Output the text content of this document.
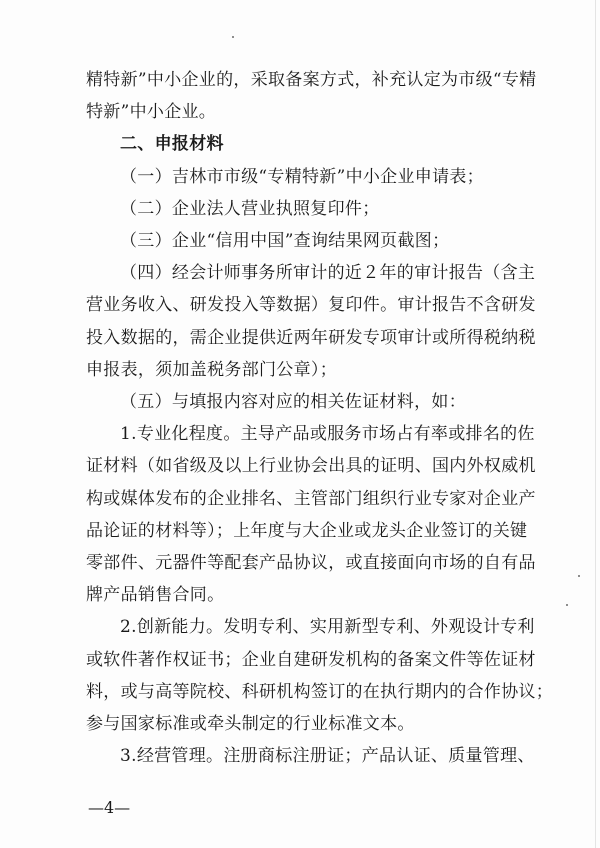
精特新”中小企业的，采取备案方式，补充认定为市级“专精
特新”中小企业。
二、申报材料
（一）吉林市市级“专精特新”中小企业申请表；
（二）企业法人营业执照复印件；
（三）企业“信用中国”查询结果网页截图；
（四）经会计师事务所审计的近２年的审计报告（含主
营业务收入、研发投入等数据）复印件。审计报告不含研发
投入数据的，需企业提供近两年研发专项审计或所得税纳税
申报表，须加盖税务部门公章）；
（五）与填报内容对应的相关佐证材料，如：
1.专业化程度。主导产品或服务市场占有率或排名的佐
证材料（如省级及以上行业协会出具的证明、国内外权威机
构或媒体发布的企业排名、主管部门组织行业专家对企业产
品论证的材料等）；上年度与大企业或龙头企业签订的关键
零部件、元器件等配套产品协议，或直接面向市场的自有品
牌产品销售合同。
2.创新能力。发明专利、实用新型专利、外观设计专利
或软件著作权证书；企业自建研发机构的备案文件等佐证材
—4—
料，或与高等院校、科研机构签订的在执行期内的合作协议；
参与国家标准或牵头制定的行业标准文本。
3.经营管理。注册商标注册证；产品认证、质量管理、
